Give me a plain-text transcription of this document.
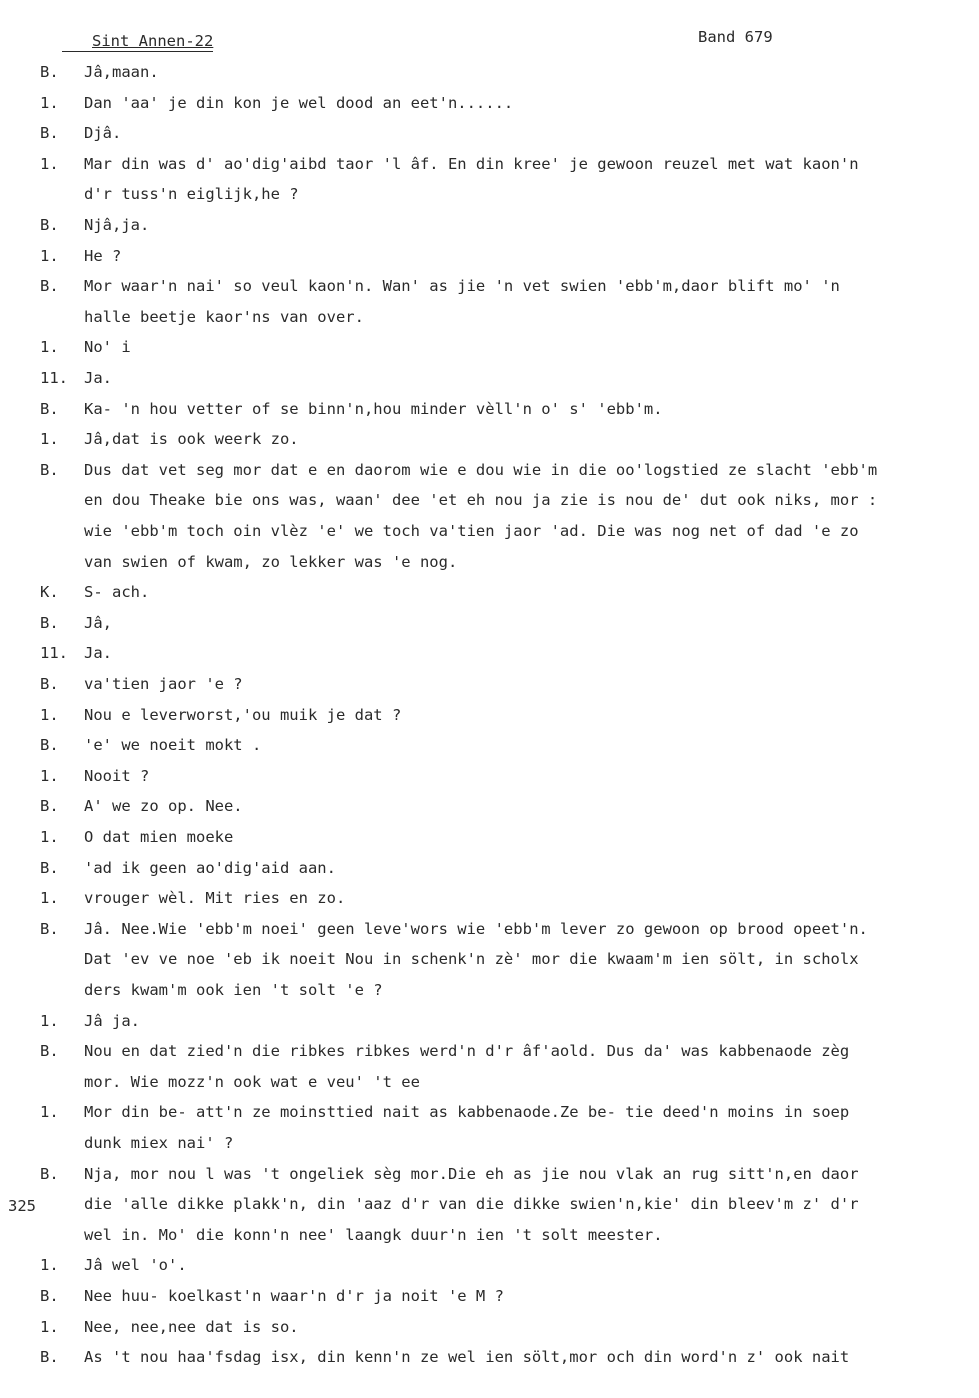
Sint Annen-22	Band 679
325
B.	Jâ,maan.
1.	Dan 'aa' je din kon je wel dood an eet'n......
B.	Djâ.
1.	Mar din was d' ao'dig'aibd taor 'l âf. En din kree' je gewoon reuzel met wat kaon'n
d'r tuss'n eiglijk,he ?
B.	Njâ,ja.
1.	He ?
B.	Mor waar'n nai' so veul kaon'n. Wan' as jie 'n vet swien 'ebb'm,daor blift mo' 'n
halle beetje kaor'ns van over.
1.	No' i
11.	Ja.
B.	Ka- 'n hou vetter of se binn'n,hou minder vèll'n o' s' 'ebb'm.
1.	Jâ,dat is ook weerk zo.
B.	Dus dat vet seg mor dat e en daorom wie e dou wie in die oo'logstied ze slacht 'ebb'm
en dou Theake bie ons was, waan' dee 'et eh nou ja zie is nou de' dut ook niks, mor :
wie 'ebb'm toch oin vlèz 'e' we toch va'tien jaor 'ad. Die was nog net of dad 'e zo
van swien of kwam, zo lekker was 'e nog.
K.	S- ach.
B.	Jâ,
11.	Ja.
B.	va'tien jaor 'e ?
1.	Nou e leverworst,'ou muik je dat ?
B.	'e' we noeit mokt .
1.	Nooit ?
B.	A' we zo op. Nee.
1.	O dat mien moeke
B.	'ad ik geen ao'dig'aid aan.
1.	vrouger wèl. Mit ries en zo.
B.	Jâ. Nee.Wie 'ebb'm noei' geen leve'wors wie 'ebb'm lever zo gewoon op brood opeet'n.
Dat 'ev ve noe 'eb ik noeit Nou in schenk'n zè' mor die kwaam'm ien sölt, in scholx
ders kwam'm ook ien 't solt 'e ?
1.	Jâ ja.
B.	Nou en dat zied'n die ribkes ribkes werd'n d'r âf'aold. Dus da' was kabbenaode zèg
mor. Wie mozz'n ook wat e veu' 't ee
1.	Mor din be- att'n ze moinsttied nait as kabbenaode.Ze be- tie deed'n moins in soep
dunk miex nai' ?
B.	Nja, mor nou l was 't ongeliek sèg mor.Die eh as jie nou vlak an rug sitt'n,en daor
die 'alle dikke plakk'n, din 'aaz d'r van die dikke swien'n,kie' din bleev'm z' d'r
wel in. Mo' die konn'n nee' laangk duur'n ien 't solt meester.
1.	Jâ wel 'o'.
B.	Nee huu- koelkast'n waar'n d'r ja noit 'e M ?
1.	Nee, nee,nee dat is so.
B.	As 't nou haa'fsdag isx, din kenn'n ze wel ien sölt,mor och din word'n z' ook nait
